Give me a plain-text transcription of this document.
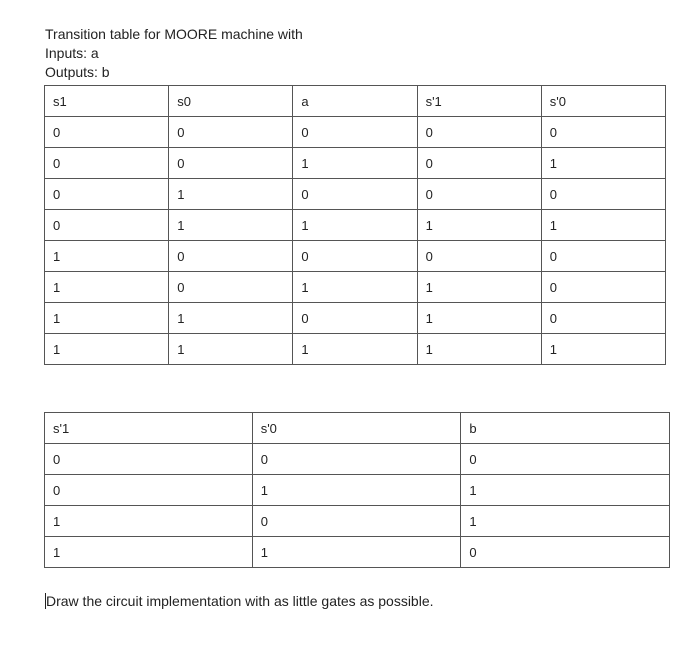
Transition table for MOORE machine with
Inputs: a
Outputs: b
s1	s0	a	s'1	s'0
0	0	0	0	0
0	0	1	0	1
0	1	0	0	0
0	1	1	1	1
1	0	0	0	0
1	0	1	1	0
1	1	0	1	0
1	1	1	1	1
s'1	s'0	b
0	0	0
0	1	1
1	0	1
1	1	0
Draw the circuit implementation with as little gates as possible.
